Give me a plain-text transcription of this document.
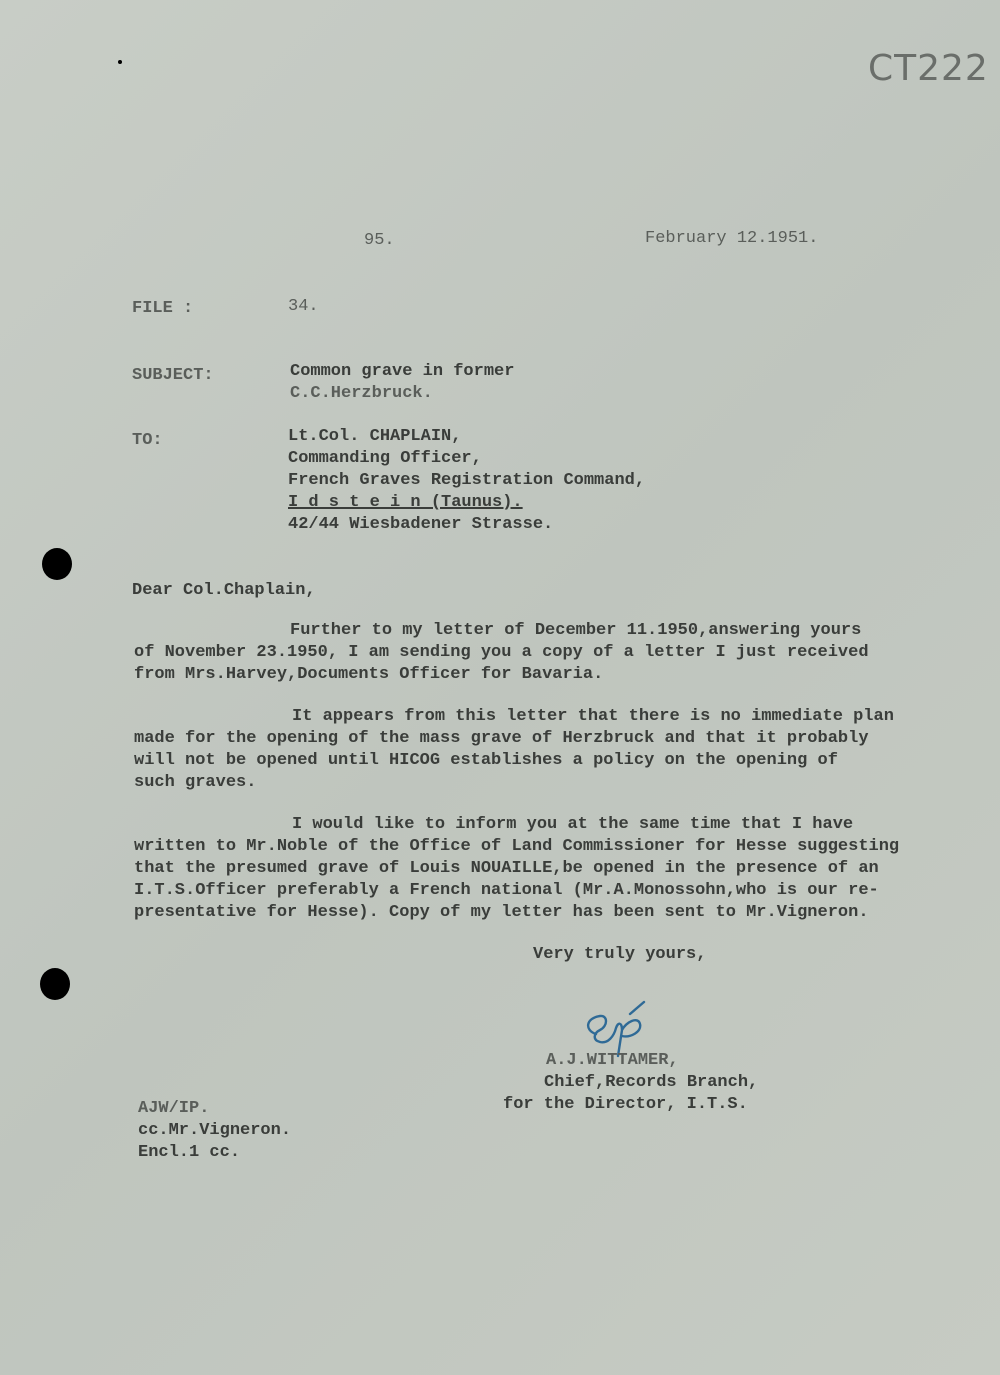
CT222
95.	February 12.1951.
FILE :	34.
SUBJECT:	Common grave in former
C.C.Herzbruck.
TO:	Lt.Col. CHAPLAIN,
Commanding Officer,
French Graves Registration Command,
I d s t e i n (Taunus).
42/44 Wiesbadener Strasse.
Dear Col.Chaplain,
Further to my letter of December 11.1950,answering yours
of November 23.1950, I am sending you a copy of a letter I just received
from Mrs.Harvey,Documents Officer for Bavaria.
It appears from this letter that there is no immediate plan
made for the opening of the mass grave of Herzbruck and that it probably
will not be opened until HICOG establishes a policy on the opening of
such graves.
I would like to inform you at the same time that I have
written to Mr.Noble of the Office of Land Commissioner for Hesse suggesting
that the presumed grave of Louis NOUAILLE,be opened in the presence of an
I.T.S.Officer preferably a French national (Mr.A.Monossohn,who is our re-
presentative for Hesse). Copy of my letter has been sent to Mr.Vigneron.
Very truly yours,
A.J.WITTAMER,
Chief,Records Branch,
for the Director, I.T.S.
AJW/IP.
cc.Mr.Vigneron.
Encl.1 cc.
